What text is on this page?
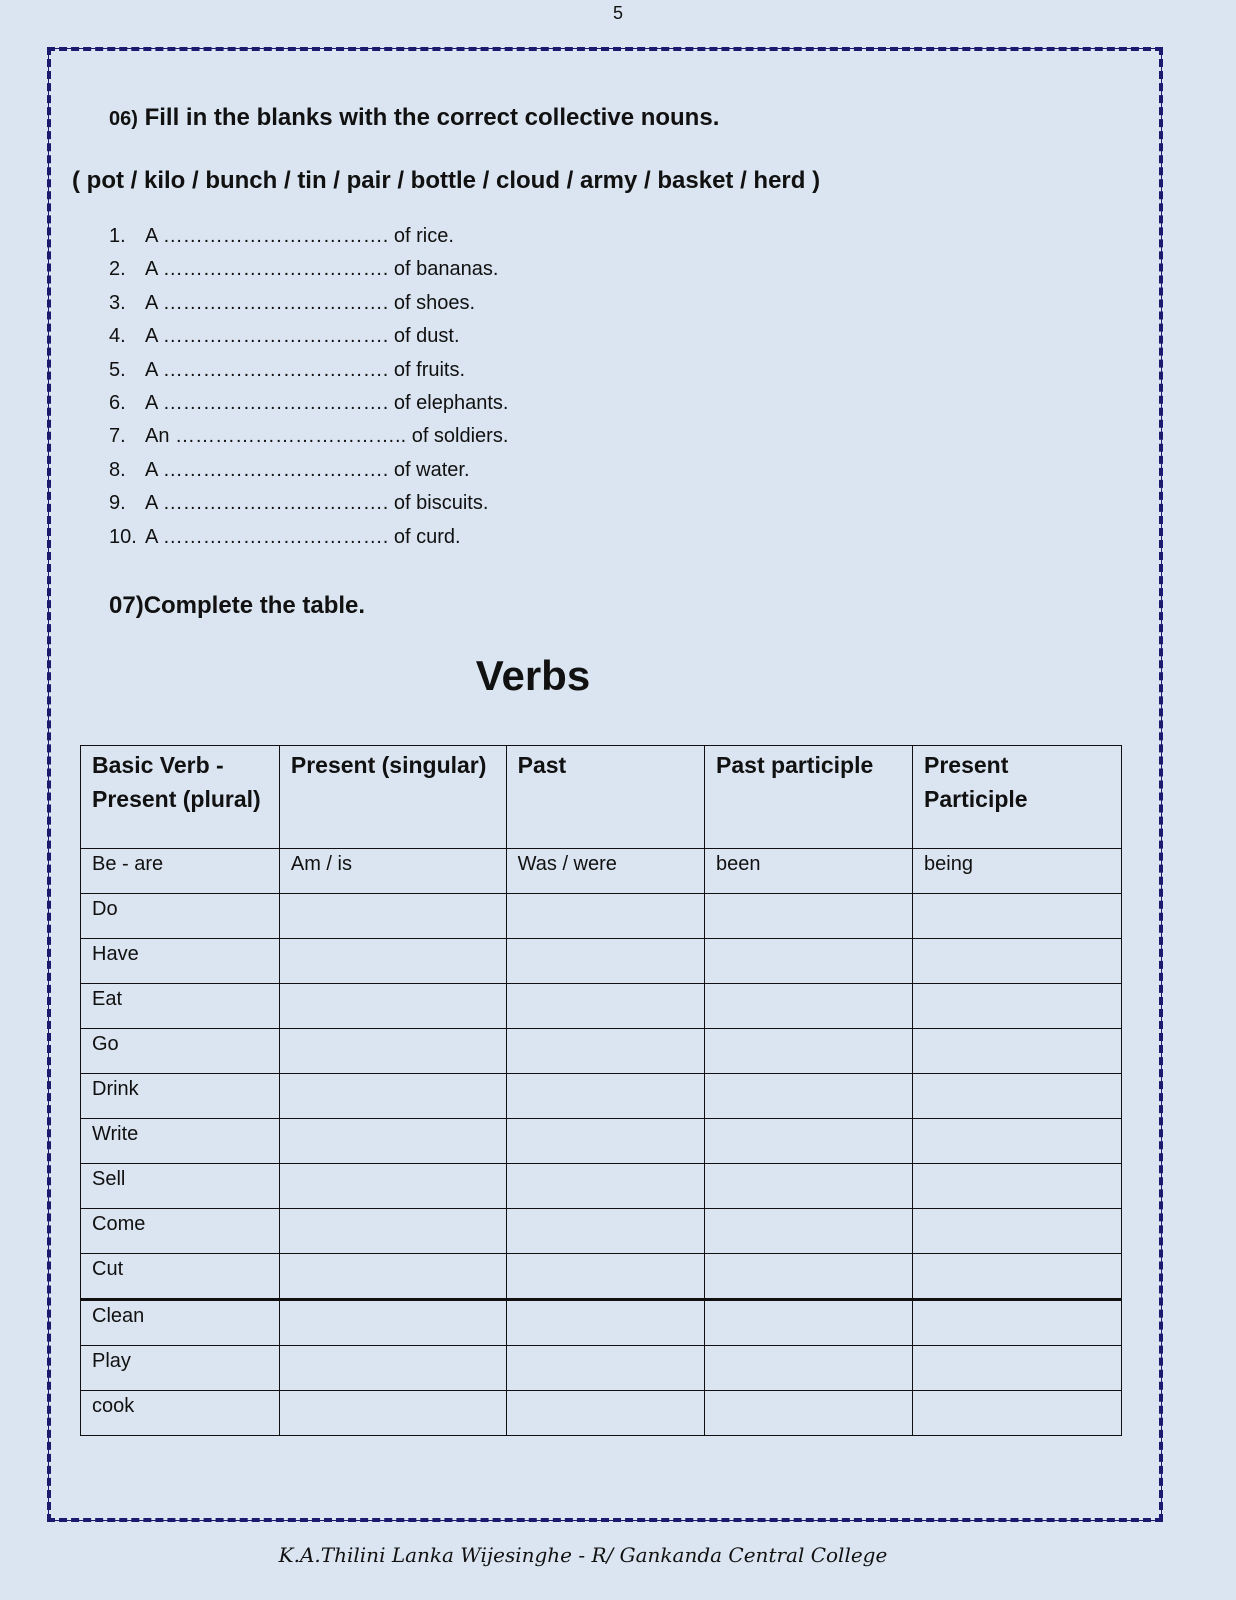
5
06) Fill in the blanks with the correct collective nouns.
( pot / kilo / bunch / tin / pair / bottle / cloud / army / basket / herd )
1. A ……………………………. of rice.
2. A ……………………………. of bananas.
3. A ……………………………. of shoes.
4. A ……………………………. of dust.
5. A ……………………………. of fruits.
6. A ……………………………. of elephants.
7. An …………………………….. of soldiers.
8. A ……………………………. of water.
9. A ……………………………. of biscuits.
10. A ……………………………. of curd.
07)Complete the table.
Verbs
Basic Verb - Present (plural)	Present (singular)	Past	Past participle	Present Participle
Be - are	Am / is	Was / were	been	being
Do				
Have				
Eat				
Go				
Drink				
Write				
Sell				
Come				
Cut				
Clean				
Play				
cook				
K.A.Thilini Lanka Wijesinghe - R/ Gankanda Central College
